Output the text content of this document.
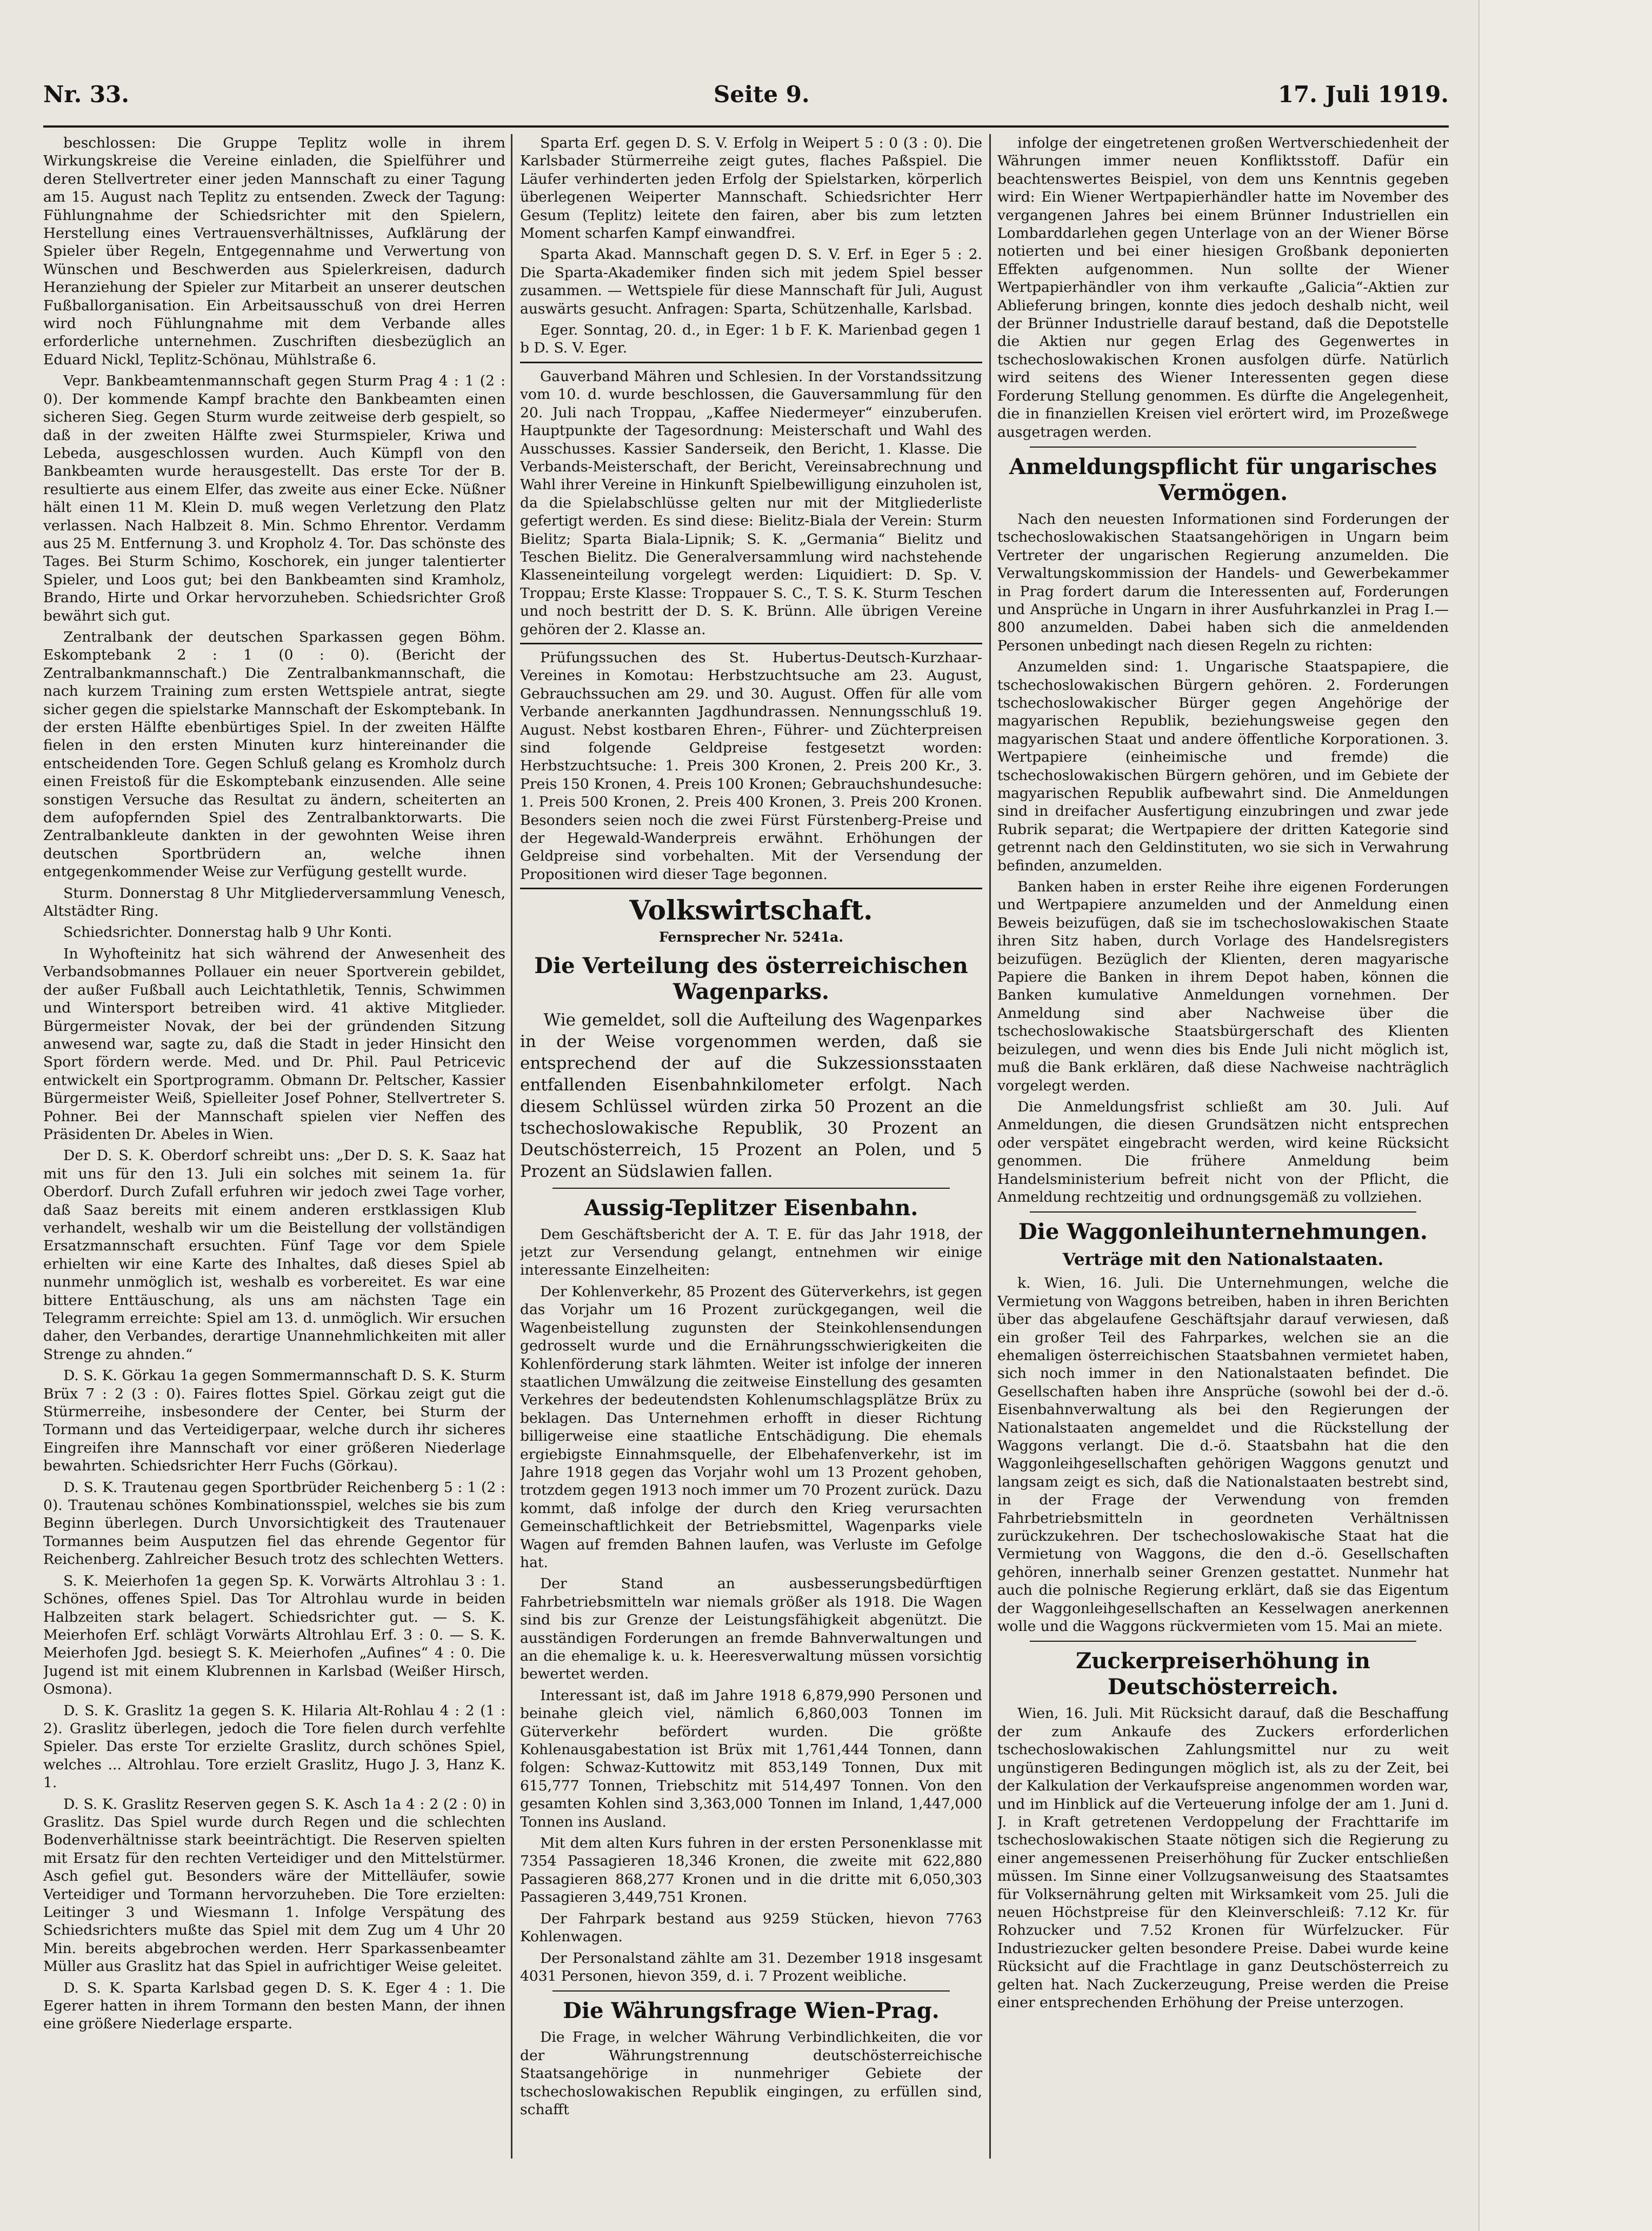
Nr. 33.	Seite 9.	17. Juli 1919.

beschlossen: Die Gruppe Teplitz wolle in ihrem Wirkungskreise die Vereine einladen, die Spielführer und deren Stellvertreter einer jeden Mannschaft zu einer Tagung am 15. August nach Teplitz zu entsenden. Zweck der Tagung: Fühlungnahme der Schiedsrichter mit den Spielern, Herstellung eines Vertrauensverhältnisses, Aufklärung der Spieler über Regeln, Entgegennahme und Verwertung von Wünschen und Beschwerden aus Spielerkreisen, dadurch Heranziehung der Spieler zur Mitarbeit an unserer deutschen Fußballorganisation. Ein Arbeitsausschuß von drei Herren wird noch Fühlungnahme mit dem Verbande alles erforderliche unternehmen. Zuschriften diesbezüglich an Eduard Nickl, Teplitz-Schönau, Mühlstraße 6.

Vepr. Bankbeamtenmannschaft gegen Sturm Prag 4 : 1 (2 : 0). Der kommende Kampf brachte den Bankbeamten einen sicheren Sieg. Gegen Sturm wurde zeitweise derb gespielt, so daß in der zweiten Hälfte zwei Sturmspieler, Kriwa und Lebeda, ausgeschlossen wurden. Auch Kümpfl von den Bankbeamten wurde herausgestellt. Das erste Tor der B. resultierte aus einem Elfer, das zweite aus einer Ecke. Nüßner hält einen 11 M. Klein D. muß wegen Verletzung den Platz verlassen. Nach Halbzeit 8. Min. Schmo Ehrentor. Verdamm aus 25 M. Entfernung 3. und Kropholz 4. Tor. Das schönste des Tages. Bei Sturm Schimo, Koschorek, ein junger talentierter Spieler, und Loos gut; bei den Bankbeamten sind Kramholz, Brando, Hirte und Orkar hervorzuheben. Schiedsrichter Groß bewährt sich gut.

Zentralbank der deutschen Sparkassen gegen Böhm. Eskomptebank 2 : 1 (0 : 0). (Bericht der Zentralbankmannschaft.) Die Zentralbankmannschaft, die nach kurzem Training zum ersten Wettspiele antrat, siegte sicher gegen die spielstarke Mannschaft der Eskomptebank. In der ersten Hälfte ebenbürtiges Spiel. In der zweiten Hälfte fielen in den ersten Minuten kurz hintereinander die entscheidenden Tore. Gegen Schluß gelang es Kromholz durch einen Freistoß für die Eskomptebank einzusenden. Alle seine sonstigen Versuche das Resultat zu ändern, scheiterten an dem aufopfernden Spiel des Zentralbanktorwarts. Die Zentralbankleute dankten in der gewohnten Weise ihren deutschen Sportbrüdern an, welche ihnen entgegenkommender Weise zur Verfügung gestellt wurde.

Sturm. Donnerstag 8 Uhr Mitgliederversammlung Venesch, Altstädter Ring.

Schiedsrichter. Donnerstag halb 9 Uhr Konti.

In Wyhofteinitz hat sich während der Anwesenheit des Verbandsobmannes Pollauer ein neuer Sportverein gebildet, der außer Fußball auch Leichtathletik, Tennis, Schwimmen und Wintersport betreiben wird. 41 aktive Mitglieder. Bürgermeister Novak, der bei der gründenden Sitzung anwesend war, sagte zu, daß die Stadt in jeder Hinsicht den Sport fördern werde. Med. und Dr. Phil. Paul Petricevic entwickelt ein Sportprogramm. Obmann Dr. Peltscher, Kassier Bürgermeister Weiß, Spielleiter Josef Pohner, Stellvertreter S. Pohner. Bei der Mannschaft spielen vier Neffen des Präsidenten Dr. Abeles in Wien.

Der D. S. K. Oberdorf schreibt uns: „Der D. S. K. Saaz hat mit uns für den 13. Juli ein solches mit seinem 1a. für Oberdorf. Durch Zufall erfuhren wir jedoch zwei Tage vorher, daß Saaz bereits mit einem anderen erstklassigen Klub verhandelt, weshalb wir um die Beistellung der vollständigen Ersatzmannschaft ersuchten. Fünf Tage vor dem Spiele erhielten wir eine Karte des Inhaltes, daß dieses Spiel ab nunmehr unmöglich ist, weshalb es vorbereitet. Es war eine bittere Enttäuschung, als uns am nächsten Tage ein Telegramm erreichte: Spiel am 13. d. unmöglich. Wir ersuchen daher, den Verbandes, derartige Unannehmlichkeiten mit aller Strenge zu ahnden.“

D. S. K. Görkau 1a gegen Sommermannschaft D. S. K. Sturm Brüx 7 : 2 (3 : 0). Faires flottes Spiel. Görkau zeigt gut die Stürmerreihe, insbesondere der Center, bei Sturm der Tormann und das Verteidigerpaar, welche durch ihr sicheres Eingreifen ihre Mannschaft vor einer größeren Niederlage bewahrten. Schiedsrichter Herr Fuchs (Görkau).

D. S. K. Trautenau gegen Sportbrüder Reichenberg 5 : 1 (2 : 0). Trautenau schönes Kombinationsspiel, welches sie bis zum Beginn überlegen. Durch Unvorsichtigkeit des Trautenauer Tormannes beim Ausputzen fiel das ehrende Gegentor für Reichenberg. Zahlreicher Besuch trotz des schlechten Wetters.

S. K. Meierhofen 1a gegen Sp. K. Vorwärts Altrohlau 3 : 1. Schönes, offenes Spiel. Das Tor Altrohlau wurde in beiden Halbzeiten stark belagert. Schiedsrichter gut. — S. K. Meierhofen Erf. schlägt Vorwärts Altrohlau Erf. 3 : 0. — S. K. Meierhofen Jgd. besiegt S. K. Meierhofen „Aufines“ 4 : 0. Die Jugend ist mit einem Klubrennen in Karlsbad (Weißer Hirsch, Osmona).

D. S. K. Graslitz 1a gegen S. K. Hilaria Alt-Rohlau 4 : 2 (1 : 2). Graslitz überlegen, jedoch die Tore fielen durch verfehlte Spieler. Das erste Tor erzielte Graslitz, durch schönes Spiel, welches ... Altrohlau. Tore erzielt Graslitz, Hugo J. 3, Hanz K. 1.

D. S. K. Graslitz Reserven gegen S. K. Asch 1a 4 : 2 (2 : 0) in Graslitz. Das Spiel wurde durch Regen und die schlechten Bodenverhältnisse stark beeinträchtigt. Die Reserven spielten mit Ersatz für den rechten Verteidiger und den Mittelstürmer. Asch gefiel gut. Besonders wäre der Mittelläufer, sowie Verteidiger und Tormann hervorzuheben. Die Tore erzielten: Leitinger 3 und Wiesmann 1. Infolge Verspätung des Schiedsrichters mußte das Spiel mit dem Zug um 4 Uhr 20 Min. bereits abgebrochen werden. Herr Sparkassenbeamter Müller aus Graslitz hat das Spiel in aufrichtiger Weise geleitet.

D. S. K. Sparta Karlsbad gegen D. S. K. Eger 4 : 1. Die Egerer hatten in ihrem Tormann den besten Mann, der ihnen eine größere Niederlage ersparte.

Sparta Erf. gegen D. S. V. Erfolg in Weipert 5 : 0 (3 : 0). Die Karlsbader Stürmerreihe zeigt gutes, flaches Paßspiel. Die Läufer verhinderten jeden Erfolg der Spielstarken, körperlich überlegenen Weiperter Mannschaft. Schiedsrichter Herr Gesum (Teplitz) leitete den fairen, aber bis zum letzten Moment scharfen Kampf einwandfrei.

Sparta Akad. Mannschaft gegen D. S. V. Erf. in Eger 5 : 2. Die Sparta-Akademiker finden sich mit jedem Spiel besser zusammen. — Wettspiele für diese Mannschaft für Juli, August auswärts gesucht. Anfragen: Sparta, Schützenhalle, Karlsbad.

Eger. Sonntag, 20. d., in Eger: 1 b F. K. Marienbad gegen 1 b D. S. V. Eger.

Gauverband Mähren und Schlesien. In der Vorstandssitzung vom 10. d. wurde beschlossen, die Gauversammlung für den 20. Juli nach Troppau, „Kaffee Niedermeyer“ einzuberufen. Hauptpunkte der Tagesordnung: Meisterschaft und Wahl des Ausschusses. Kassier Sanderseik, den Bericht, 1. Klasse. Die Verbands-Meisterschaft, der Bericht, Vereinsabrechnung und Wahl ihrer Vereine in Hinkunft Spielbewilligung einzuholen ist, da die Spielabschlüsse gelten nur mit der Mitgliederliste gefertigt werden. Es sind diese: Bielitz-Biala der Verein: Sturm Bielitz; Sparta Biala-Lipnik; S. K. „Germania“ Bielitz und Teschen Bielitz. Die Generalversammlung wird nachstehende Klasseneinteilung vorgelegt werden: Liquidiert: D. Sp. V. Troppau; Erste Klasse: Troppauer S. C., T. S. K. Sturm Teschen und noch bestritt der D. S. K. Brünn. Alle übrigen Vereine gehören der 2. Klasse an.

Prüfungssuchen des St. Hubertus-Deutsch-Kurzhaar-Vereines in Komotau: Herbstzuchtsuche am 23. August, Gebrauchssuchen am 29. und 30. August. Offen für alle vom Verbande anerkannten Jagdhundrassen. Nennungsschluß 19. August. Nebst kostbaren Ehren-, Führer- und Züchterpreisen sind folgende Geldpreise festgesetzt worden: Herbstzuchtsuche: 1. Preis 300 Kronen, 2. Preis 200 Kr., 3. Preis 150 Kronen, 4. Preis 100 Kronen; Gebrauchshundesuche: 1. Preis 500 Kronen, 2. Preis 400 Kronen, 3. Preis 200 Kronen. Besonders seien noch die zwei Fürst Fürstenberg-Preise und der Hegewald-Wanderpreis erwähnt. Erhöhungen der Geldpreise sind vorbehalten. Mit der Versendung der Propositionen wird dieser Tage begonnen.

Volkswirtschaft.
Fernsprecher Nr. 5241a.
Die Verteilung des österreichischen Wagenparks.

Wie gemeldet, soll die Aufteilung des Wagenparkes in der Weise vorgenommen werden, daß sie entsprechend der auf die Sukzessionsstaaten entfallenden Eisenbahnkilometer erfolgt. Nach diesem Schlüssel würden zirka 50 Prozent an die tschechoslowakische Republik, 30 Prozent an Deutschösterreich, 15 Prozent an Polen, und 5 Prozent an Südslawien fallen.

Aussig-Teplitzer Eisenbahn.

Dem Geschäftsbericht der A. T. E. für das Jahr 1918, der jetzt zur Versendung gelangt, entnehmen wir einige interessante Einzelheiten:

Der Kohlenverkehr, 85 Prozent des Güterverkehrs, ist gegen das Vorjahr um 16 Prozent zurückgegangen, weil die Wagenbeistellung zugunsten der Steinkohlensendungen gedrosselt wurde und die Ernährungsschwierigkeiten die Kohlenförderung stark lähmten. Weiter ist infolge der inneren staatlichen Umwälzung die zeitweise Einstellung des gesamten Verkehres der bedeutendsten Kohlenumschlagsplätze Brüx zu beklagen. Das Unternehmen erhofft in dieser Richtung billigerweise eine staatliche Entschädigung. Die ehemals ergiebigste Einnahmsquelle, der Elbehafenverkehr, ist im Jahre 1918 gegen das Vorjahr wohl um 13 Prozent gehoben, trotzdem gegen 1913 noch immer um 70 Prozent zurück. Dazu kommt, daß infolge der durch den Krieg verursachten Gemeinschaftlichkeit der Betriebsmittel, Wagenparks viele Wagen auf fremden Bahnen laufen, was Verluste im Gefolge hat.

Der Stand an ausbesserungsbedürftigen Fahrbetriebsmitteln war niemals größer als 1918. Die Wagen sind bis zur Grenze der Leistungsfähigkeit abgenützt. Die ausständigen Forderungen an fremde Bahnverwaltungen und an die ehemalige k. u. k. Heeresverwaltung müssen vorsichtig bewertet werden.

Interessant ist, daß im Jahre 1918 6,879,990 Personen und beinahe gleich viel, nämlich 6,860,003 Tonnen im Güterverkehr befördert wurden. Die größte Kohlenausgabestation ist Brüx mit 1,761,444 Tonnen, dann folgen: Schwaz-Kuttowitz mit 853,149 Tonnen, Dux mit 615,777 Tonnen, Triebschitz mit 514,497 Tonnen. Von den gesamten Kohlen sind 3,363,000 Tonnen im Inland, 1,447,000 Tonnen ins Ausland.

Mit dem alten Kurs fuhren in der ersten Personenklasse mit 7354 Passagieren 18,346 Kronen, die zweite mit 622,880 Passagieren 868,277 Kronen und in die dritte mit 6,050,303 Passagieren 3,449,751 Kronen.

Der Fahrpark bestand aus 9259 Stücken, hievon 7763 Kohlenwagen.

Der Personalstand zählte am 31. Dezember 1918 insgesamt 4031 Personen, hievon 359, d. i. 7 Prozent weibliche.

Die Währungsfrage Wien-Prag.

Die Frage, in welcher Währung Verbindlichkeiten, die vor der Währungstrennung deutschösterreichische Staatsangehörige in nunmehriger Gebiete der tschechoslowakischen Republik eingingen, zu erfüllen sind, schafft

infolge der eingetretenen großen Wertverschiedenheit der Währungen immer neuen Konfliktsstoff. Dafür ein beachtenswertes Beispiel, von dem uns Kenntnis gegeben wird: Ein Wiener Wertpapierhändler hatte im November des vergangenen Jahres bei einem Brünner Industriellen ein Lombarddarlehen gegen Unterlage von an der Wiener Börse notierten und bei einer hiesigen Großbank deponierten Effekten aufgenommen. Nun sollte der Wiener Wertpapierhändler von ihm verkaufte „Galicia“-Aktien zur Ablieferung bringen, konnte dies jedoch deshalb nicht, weil der Brünner Industrielle darauf bestand, daß die Depotstelle die Aktien nur gegen Erlag des Gegenwertes in tschechoslowakischen Kronen ausfolgen dürfe. Natürlich wird seitens des Wiener Interessenten gegen diese Forderung Stellung genommen. Es dürfte die Angelegenheit, die in finanziellen Kreisen viel erörtert wird, im Prozeßwege ausgetragen werden.

Anmeldungspflicht für ungarisches Vermögen.

Nach den neuesten Informationen sind Forderungen der tschechoslowakischen Staatsangehörigen in Ungarn beim Vertreter der ungarischen Regierung anzumelden. Die Verwaltungskommission der Handels- und Gewerbekammer in Prag fordert darum die Interessenten auf, Forderungen und Ansprüche in Ungarn in ihrer Ausfuhrkanzlei in Prag I.—800 anzumelden. Dabei haben sich die anmeldenden Personen unbedingt nach diesen Regeln zu richten:

Anzumelden sind: 1. Ungarische Staatspapiere, die tschechoslowakischen Bürgern gehören. 2. Forderungen tschechoslowakischer Bürger gegen Angehörige der magyarischen Republik, beziehungsweise gegen den magyarischen Staat und andere öffentliche Korporationen. 3. Wertpapiere (einheimische und fremde) die tschechoslowakischen Bürgern gehören, und im Gebiete der magyarischen Republik aufbewahrt sind. Die Anmeldungen sind in dreifacher Ausfertigung einzubringen und zwar jede Rubrik separat; die Wertpapiere der dritten Kategorie sind getrennt nach den Geldinstituten, wo sie sich in Verwahrung befinden, anzumelden.

Banken haben in erster Reihe ihre eigenen Forderungen und Wertpapiere anzumelden und der Anmeldung einen Beweis beizufügen, daß sie im tschechoslowakischen Staate ihren Sitz haben, durch Vorlage des Handelsregisters beizufügen. Bezüglich der Klienten, deren magyarische Papiere die Banken in ihrem Depot haben, können die Banken kumulative Anmeldungen vornehmen. Der Anmeldung sind aber Nachweise über die tschechoslowakische Staatsbürgerschaft des Klienten beizulegen, und wenn dies bis Ende Juli nicht möglich ist, muß die Bank erklären, daß diese Nachweise nachträglich vorgelegt werden.

Die Anmeldungsfrist schließt am 30. Juli. Auf Anmeldungen, die diesen Grundsätzen nicht entsprechen oder verspätet eingebracht werden, wird keine Rücksicht genommen. Die frühere Anmeldung beim Handelsministerium befreit nicht von der Pflicht, die Anmeldung rechtzeitig und ordnungsgemäß zu vollziehen.

Die Waggonleihunternehmungen.
Verträge mit den Nationalstaaten.

k. Wien, 16. Juli. Die Unternehmungen, welche die Vermietung von Waggons betreiben, haben in ihren Berichten über das abgelaufene Geschäftsjahr darauf verwiesen, daß ein großer Teil des Fahrparkes, welchen sie an die ehemaligen österreichischen Staatsbahnen vermietet haben, sich noch immer in den Nationalstaaten befindet. Die Gesellschaften haben ihre Ansprüche (sowohl bei der d.-ö. Eisenbahnverwaltung als bei den Regierungen der Nationalstaaten angemeldet und die Rückstellung der Waggons verlangt. Die d.-ö. Staatsbahn hat die den Waggonleihgesellschaften gehörigen Waggons genutzt und langsam zeigt es sich, daß die Nationalstaaten bestrebt sind, in der Frage der Verwendung von fremden Fahrbetriebsmitteln in geordneten Verhältnissen zurückzukehren. Der tschechoslowakische Staat hat die Vermietung von Waggons, die den d.-ö. Gesellschaften gehören, innerhalb seiner Grenzen gestattet. Nunmehr hat auch die polnische Regierung erklärt, daß sie das Eigentum der Waggonleihgesellschaften an Kesselwagen anerkennen wolle und die Waggons rückvermieten vom 15. Mai an miete.

Zuckerpreiserhöhung in Deutschösterreich.

Wien, 16. Juli. Mit Rücksicht darauf, daß die Beschaffung der zum Ankaufe des Zuckers erforderlichen tschechoslowakischen Zahlungsmittel nur zu weit ungünstigeren Bedingungen möglich ist, als zu der Zeit, bei der Kalkulation der Verkaufspreise angenommen worden war, und im Hinblick auf die Verteuerung infolge der am 1. Juni d. J. in Kraft getretenen Verdoppelung der Frachttarife im tschechoslowakischen Staate nötigen sich die Regierung zu einer angemessenen Preiserhöhung für Zucker entschließen müssen. Im Sinne einer Vollzugsanweisung des Staatsamtes für Volksernährung gelten mit Wirksamkeit vom 25. Juli die neuen Höchstpreise für den Kleinverschleiß: 7.12 Kr. für Rohzucker und 7.52 Kronen für Würfelzucker. Für Industriezucker gelten besondere Preise. Dabei wurde keine Rücksicht auf die Frachtlage in ganz Deutschösterreich zu gelten hat. Nach Zuckerzeugung, Preise werden die Preise einer entsprechenden Erhöhung der Preise unterzogen.
